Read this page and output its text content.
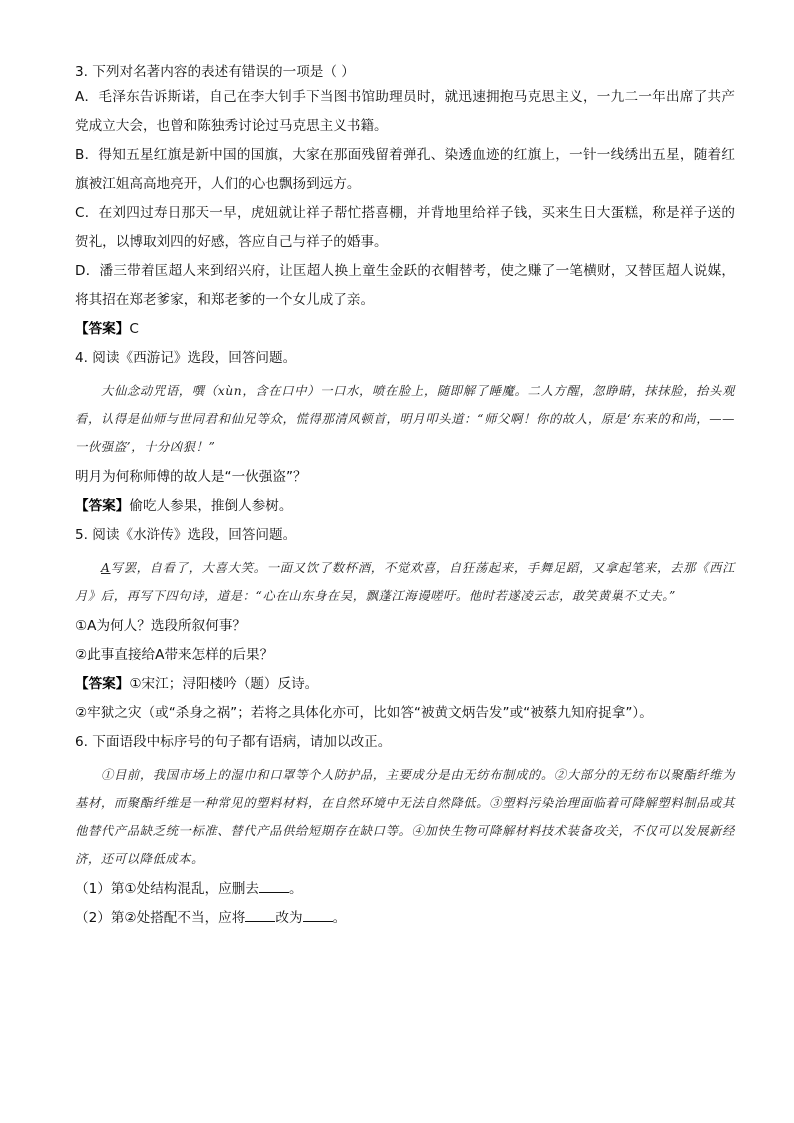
3. 下列对名著内容的表述有错误的一项是（ ）

A．毛泽东告诉斯诺，自己在李大钊手下当图书馆助理员时，就迅速拥抱马克思主义，一九二一年出席了共产党成立大会，也曾和陈独秀讨论过马克思主义书籍。

B．得知五星红旗是新中国的国旗，大家在那面残留着弹孔、染透血迹的红旗上，一针一线绣出五星，随着红旗被江姐高高地亮开，人们的心也飘扬到远方。

C．在刘四过寿日那天一早，虎妞就让祥子帮忙搭喜棚，并背地里给祥子钱，买来生日大蛋糕，称是祥子送的贺礼，以博取刘四的好感，答应自己与祥子的婚事。

D．潘三带着匡超人来到绍兴府，让匡超人换上童生金跃的衣帽替考，使之赚了一笔横财，又替匡超人说媒，将其招在郑老爹家，和郑老爹的一个女儿成了亲。

【答案】C

4. 阅读《西游记》选段，回答问题。

大仙念动咒语，噀（xùn，含在口中）一口水，喷在脸上，随即解了睡魔。二人方醒，忽睁睛，抹抹脸，抬头观看，认得是仙师与世同君和仙兄等众，慌得那清风顿首，明月叩头道：“师父啊！你的故人，原是‘东来的和尚，——一伙强盗’，十分凶狠！”

明月为何称师傅的故人是“一伙强盗”？

【答案】偷吃人参果，推倒人参树。

5. 阅读《水浒传》选段，回答问题。

A写罢，自看了，大喜大笑。一面又饮了数杯酒，不觉欢喜，自狂荡起来，手舞足蹈，又拿起笔来，去那《西江月》后，再写下四句诗，道是：“心在山东身在吴，飘蓬江海谩嗟吁。他时若遂凌云志，敢笑黄巢不丈夫。”

①A为何人？选段所叙何事？

②此事直接给A带来怎样的后果？

【答案】①宋江；浔阳楼吟（题）反诗。

②牢狱之灾（或“杀身之祸”；若将之具体化亦可，比如答“被黄文炳告发”或“被蔡九知府捉拿”）。

6. 下面语段中标序号的句子都有语病，请加以改正。

①目前，我国市场上的湿巾和口罩等个人防护品，主要成分是由无纺布制成的。②大部分的无纺布以聚酯纤维为基材，而聚酯纤维是一种常见的塑料材料，在自然环境中无法自然降低。③塑料污染治理面临着可降解塑料制品或其他替代产品缺乏统一标准、替代产品供给短期存在缺口等。④加快生物可降解材料技术装备攻关，不仅可以发展新经济，还可以降低成本。

（1）第①处结构混乱，应删去 。

（2）第②处搭配不当，应将 改为 。
